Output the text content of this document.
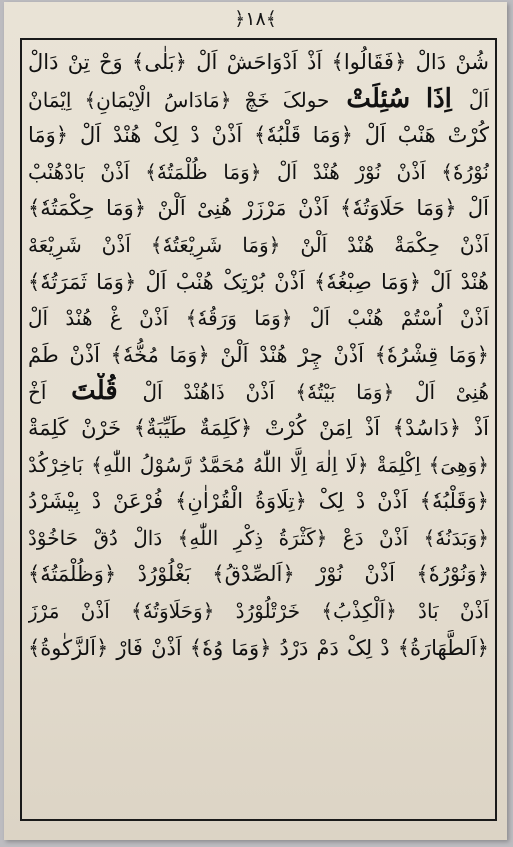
﴿۱۸﴾
شُنْ دَالْ ﴿فَقَالُوا﴾ اَذْ اَدْوَاحَشْ اَلْ ﴿بَلٰی﴾ وَحْ تِنْ دَالْ
اَلْ اِذَا سُئِلَتْ حولکَ خَچْ ﴿مَادَاسُ الْاِیْمَانِ﴾ اِیْمَانْ
کُرْتْ هَنْبْ اَلْ ﴿وَمَا قَلْبُهٗ﴾ اَذْنْ دْ لِکْ هُنْدْ اَلْ ﴿وَمَا
نُوْرُهٗ﴾ اَذْنْ نُوْرْ هُنْدْ اَلْ ﴿وَمَا ظُلْمَتُهٗ﴾ اَذْنْ بَادْهُنْبْ
اَلْ ﴿وَمَا حَلَاوَتُهٗ﴾ اَذْنْ مَرْزَرْ هُنِیْ اَلْنْ ﴿وَمَا حِکْمَتُهٗ﴾
اَذْنْ حِکْمَةْ هُنْدْ اَلْنْ ﴿وَمَا شَرِیْعَتُهٗ﴾ اَذْنْ شَرِیْعَهْ
هُنْدْ اَلْ ﴿وَمَا صِبْغُهٗ﴾ اَذْنْ بُرْتِکْ هُنْبْ اَلْ ﴿وَمَا ثَمَرَتُهٗ﴾
اَذْنْ اُسْتُمْ هُنْبْ اَلْ ﴿وَمَا وَرَقُهٗ﴾ اَذْنْ غْ هُنْدْ اَلْ
﴿وَمَا قِشْرُهٗ﴾ اَذْنْ چِرْ هُنْدْ اَلْنْ ﴿وَمَا مُخُّهٗ﴾ اَذْنْ طَمْ
هُنِیْ اَلْ ﴿وَمَا بَیْتُهٗ﴾ اَذْنْ ذَاهُنْدْ اَلْ قُلْتَ اَخْ
اَذْ ﴿دَاسُدْ﴾ اَذْ اِمَنْ کُرْتْ ﴿کَلِمَةٌ طَیِّبَةٌ﴾ خَرْنْ کَلِمَةْ
﴿وَهِیَ﴾ اِکْلِمَةْ ﴿لَا اِلٰهَ اِلَّا اللّٰهُ مُحَمَّدٌ رَّسُوْلُ اللّٰهِ﴾ بَاخِرْکُدْ
﴿وَقَلْبُهٗ﴾ اَذْنْ دْ لِکْ ﴿تِلَاوَةُ الْقُرْاٰنِ﴾ فُرْعَنْ دْ بِیْشَرْدُ
﴿وَبَدَنُهٗ﴾ اَذْنْ دَعْ ﴿کَثْرَةُ ذِکْرِ اللّٰهِ﴾ دَالْ دُقْ حَاخُوْدْ
﴿وَنُوْرُهٗ﴾ اَذْنْ نُوْرْ ﴿اَلصِّدْقُ﴾ بَغْلُوْرُدْ ﴿وَظُلْمَتُهٗ﴾
اَذْنْ بَادْ ﴿اَلْکِذْبُ﴾ خَرْتْلُوْرُدْ ﴿وَحَلَاوَتُهٗ﴾ اَذْنْ مَرْزَ
﴿اَلطَّهَارَةُ﴾ دْ لِکْ دَمْ دَرْدُ ﴿وَمَا وُهٗ﴾ اَذْنْ فَارْ ﴿اَلزَّکٰوةُ﴾
